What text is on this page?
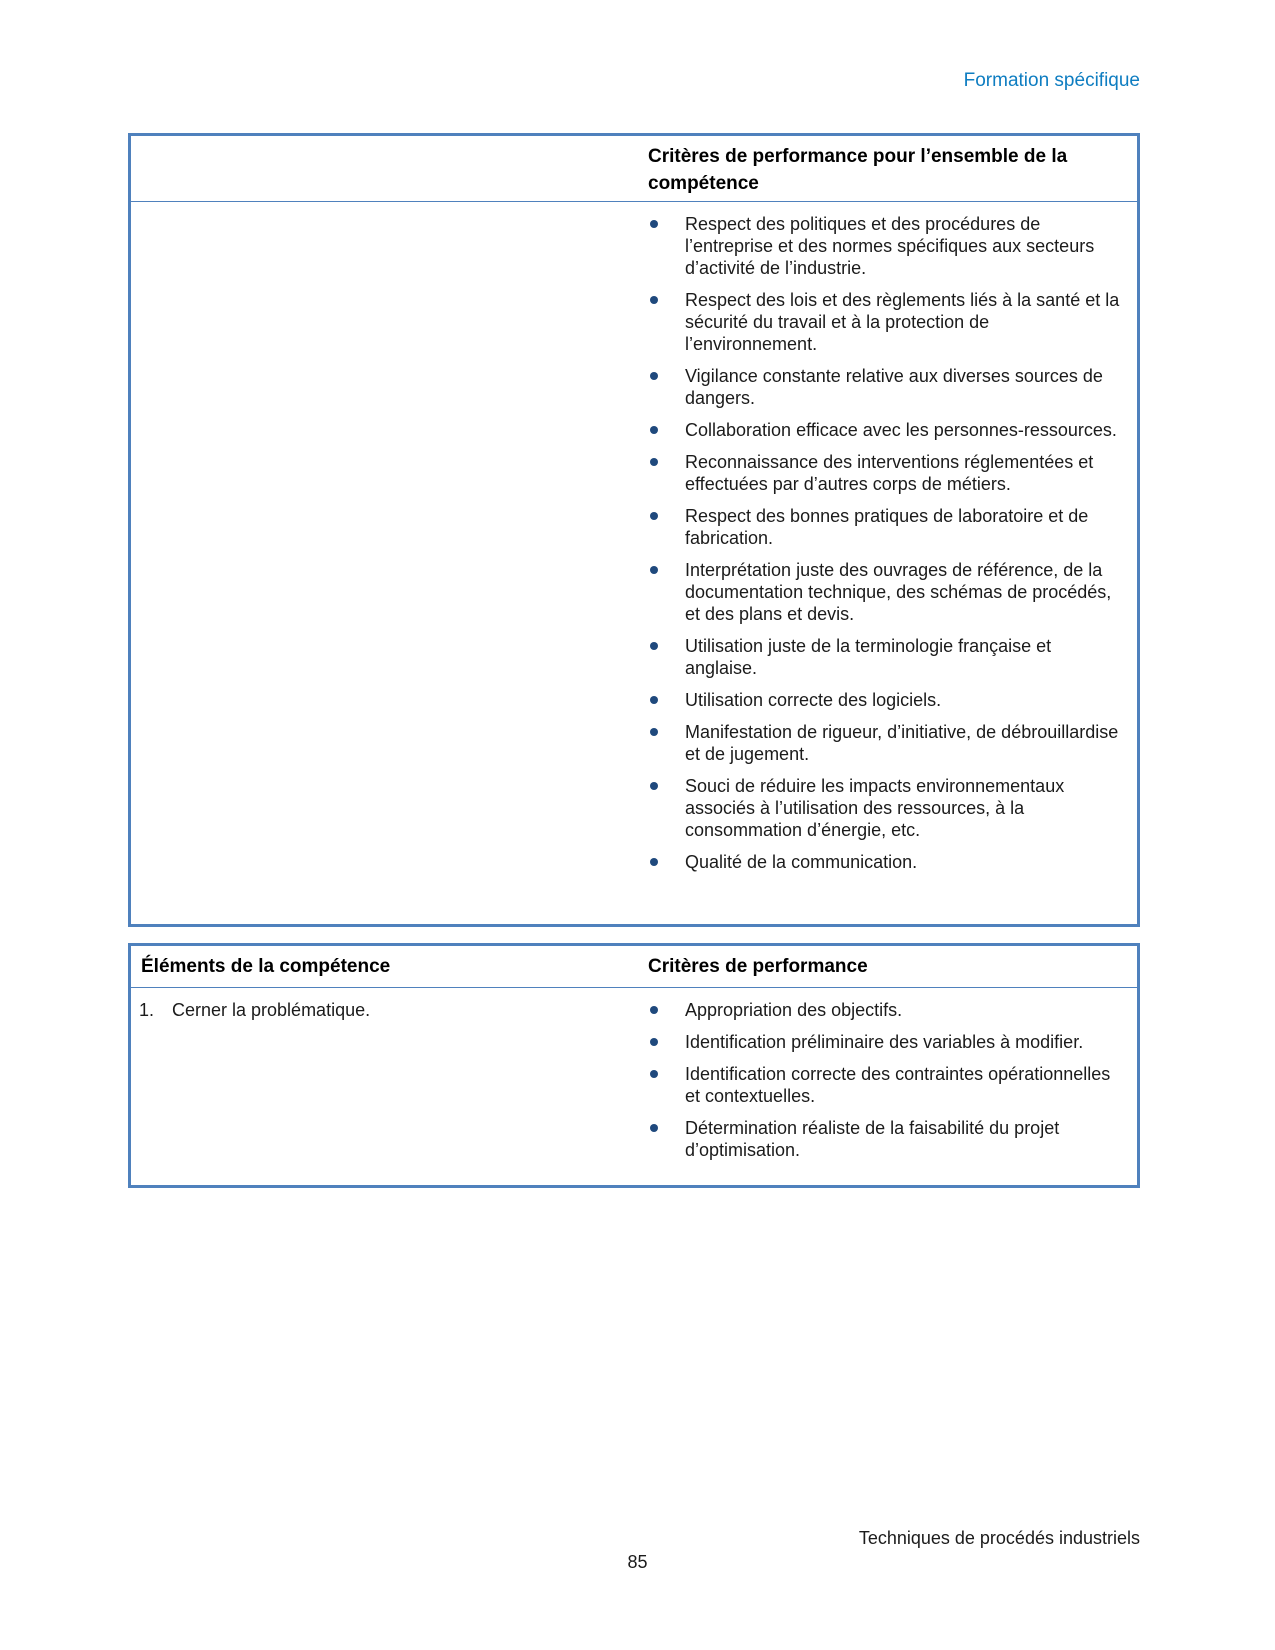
Formation spécifique
Critères de performance pour l’ensemble de la compétence
Respect des politiques et des procédures de l’entreprise et des normes spécifiques aux secteurs d’activité de l’industrie.
Respect des lois et des règlements liés à la santé et la sécurité du travail et à la protection de l’environnement.
Vigilance constante relative aux diverses sources de dangers.
Collaboration efficace avec les personnes-ressources.
Reconnaissance des interventions réglementées et effectuées par d’autres corps de métiers.
Respect des bonnes pratiques de laboratoire et de fabrication.
Interprétation juste des ouvrages de référence, de la documentation technique, des schémas de procédés, et des plans et devis.
Utilisation juste de la terminologie française et anglaise.
Utilisation correcte des logiciels.
Manifestation de rigueur, d’initiative, de débrouillardise et de jugement.
Souci de réduire les impacts environnementaux associés à l’utilisation des ressources, à la consommation d’énergie, etc.
Qualité de la communication.
Éléments de la compétence	Critères de performance
1. Cerner la problématique.	Appropriation des objectifs.
Identification préliminaire des variables à modifier.
Identification correcte des contraintes opérationnelles et contextuelles.
Détermination réaliste de la faisabilité du projet d’optimisation.
Techniques de procédés industriels
85
